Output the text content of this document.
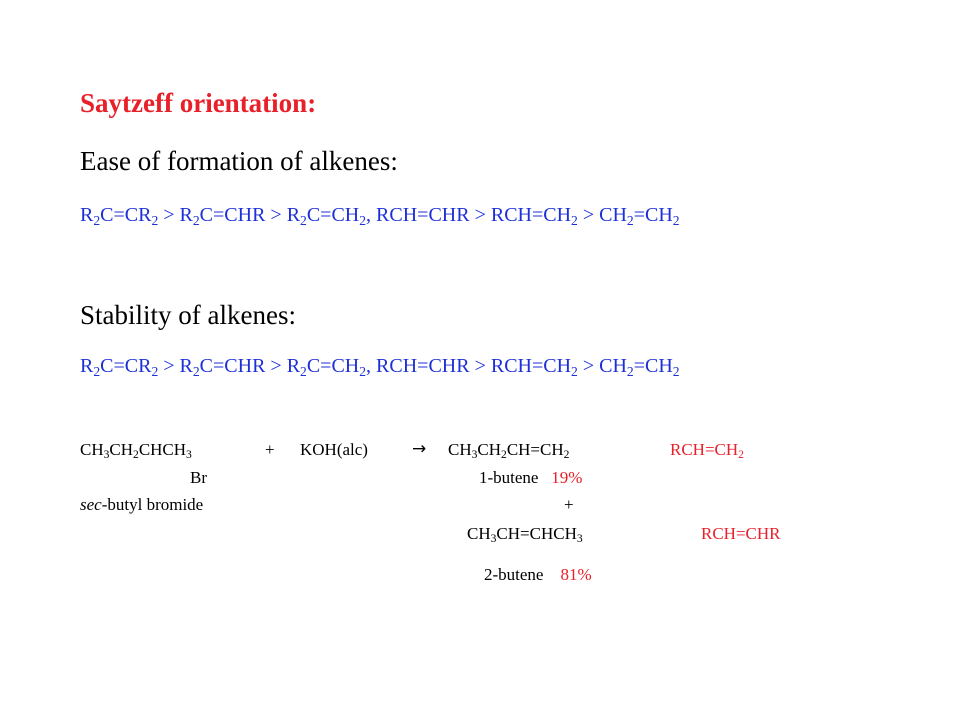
Saytzeff orientation:
Ease of formation of alkenes:
$R_2C=CR_2 > R_2C=CHR > R_2C=CH_2$, $RCH=CHR > RCH=CH_2 > CH_2=CH_2$
Stability of alkenes:
$R_2C=CR_2 > R_2C=CHR > R_2C=CH_2$, $RCH=CHR > RCH=CH_2 > CH_2=CH_2$
$CH_3CH_2CHCH_3$	+ KOH(alc)	→ $CH_3CH_2CH=CH_2$	$RCH=CH_2$
Br	1-butene 19%
sec-butyl bromide	+
$CH_3CH=CHCH_3$	RCH=CHR
2-butene 81%
